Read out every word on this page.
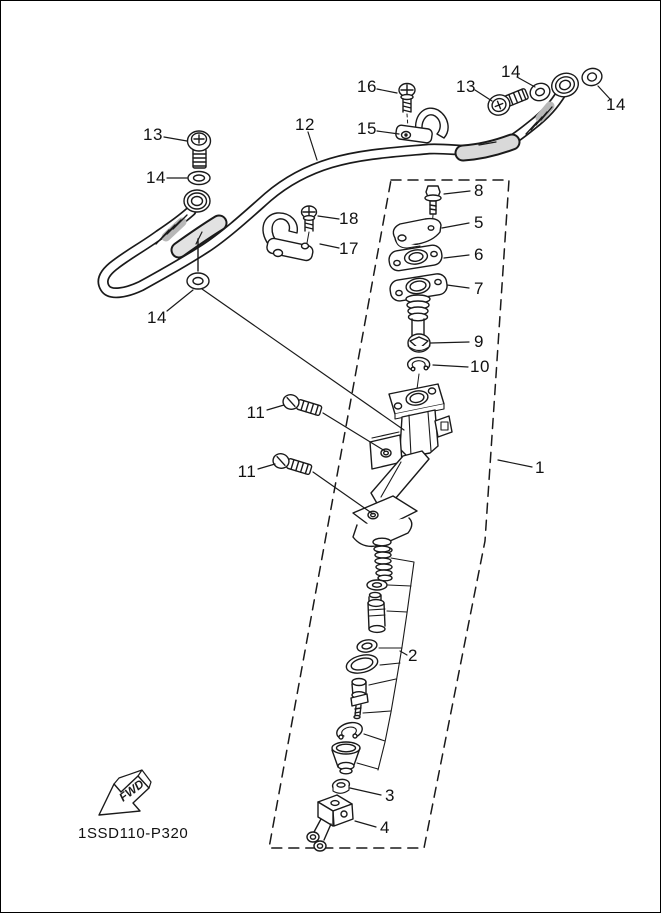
FWD
16
15
13
14
14
12
13
14
18
17
8
5
6
7
9
10
14
11
11	1
2
3
4
1SSD110-P320
